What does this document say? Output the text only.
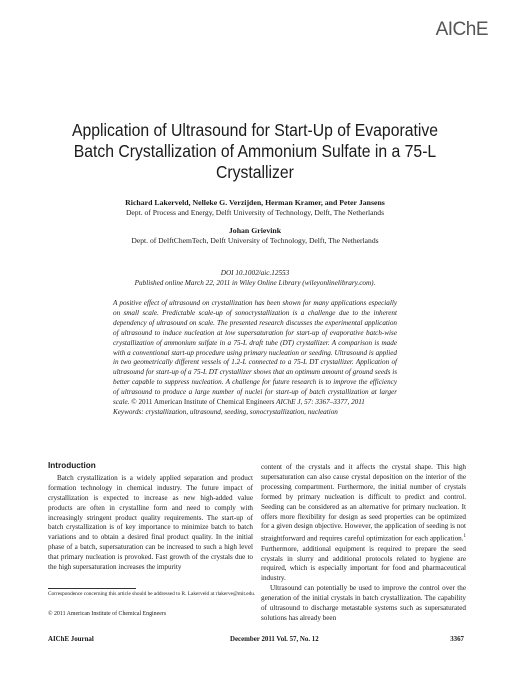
AIChE
Application of Ultrasound for Start-Up of Evaporative Batch Crystallization of Ammonium Sulfate in a 75-L Crystallizer
Richard Lakerveld, Nelleke G. Verzijden, Herman Kramer, and Peter Jansens
Dept. of Process and Energy, Delft University of Technology, Delft, The Netherlands
Johan Grievink
Dept. of DelftChemTech, Delft University of Technology, Delft, The Netherlands
DOI 10.1002/aic.12553
Published online March 22, 2011 in Wiley Online Library (wileyonlinelibrary.com).
A positive effect of ultrasound on crystallization has been shown for many applications especially on small scale. Predictable scale-up of sonocrystallization is a challenge due to the inherent dependency of ultrasound on scale. The presented research discusses the experimental application of ultrasound to induce nucleation at low supersaturation for start-up of evaporative batch-wise crystallization of ammonium sulfate in a 75-L draft tube (DT) crystallizer. A comparison is made with a conventional start-up procedure using primary nucleation or seeding. Ultrasound is applied in two geometrically different vessels of 1.2-L connected to a 75-L DT crystallizer. Application of ultrasound for start-up of a 75-L DT crystallizer shows that an optimum amount of ground seeds is better capable to suppress nucleation. A challenge for future research is to improve the efficiency of ultrasound to produce a large number of nuclei for start-up of batch crystallization at larger scale. © 2011 American Institute of Chemical Engineers AIChE J, 57: 3367–3377, 2011
Keywords: crystallization, ultrasound, seeding, sonocrystallization, nucleation
Introduction

Batch crystallization is a widely applied separation and product formation technology in chemical industry. The future impact of crystallization is expected to increase as new high-added value products are often in crystalline form and need to comply with increasingly stringent product quality requirements. The start-up of batch crystallization is of key importance to minimize batch to batch variations and to obtain a desired final product quality. In the initial phase of a batch, supersaturation can be increased to such a high level that primary nucleation is provoked. Fast growth of the crystals due to the high supersaturation increases the impurity

content of the crystals and it affects the crystal shape. This high supersaturation can also cause crystal deposition on the interior of the processing compartment. Furthermore, the initial number of crystals formed by primary nucleation is difficult to predict and control. Seeding can be considered as an alternative for primary nucleation. It offers more flexibility for design as seed properties can be optimized for a given design objective. However, the application of seeding is not straightforward and requires careful optimization for each application.$^1$ Furthermore, additional equipment is required to prepare the seed crystals in slurry and additional protocols related to hygiene are required, which is especially important for food and pharmaceutical industry.

Ultrasound can potentially be used to improve the control over the generation of the initial crystals in batch crystallization. The capability of ultrasound to discharge metastable systems such as supersaturated solutions has already been

Correspondence concerning this article should be addressed to R. Lakerveld at rlakerve@mit.edu.
© 2011 American Institute of Chemical Engineers
AIChE Journal	December 2011 Vol. 57, No. 12	3367
